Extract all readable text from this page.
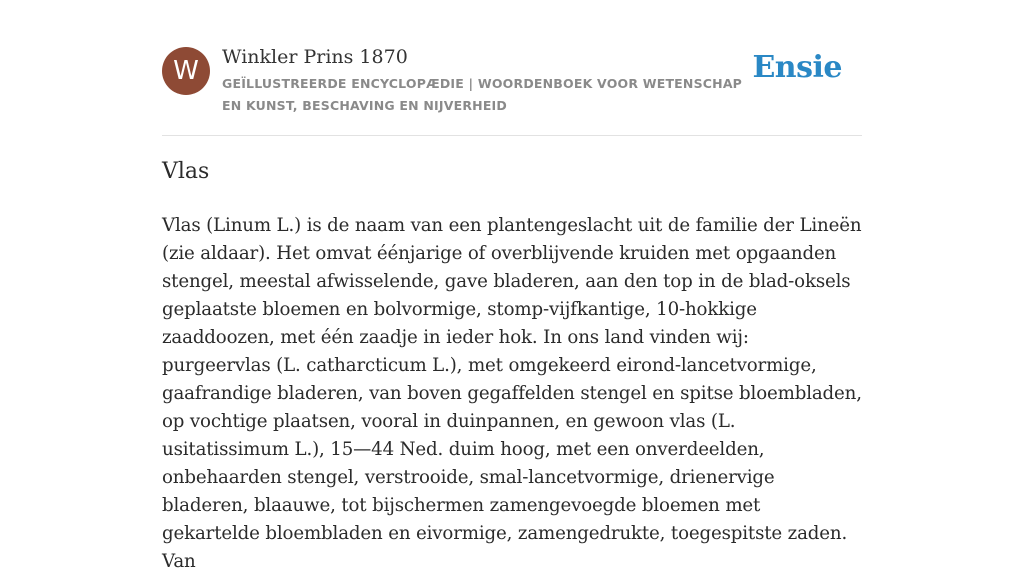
W	Winkler Prins 1870
GEÏLLUSTREERDE ENCYCLOPÆDIE | WOORDENBOEK VOOR WETENSCHAP EN KUNST, BESCHAVING EN NIJVERHEID
Ensie
Vlas

Vlas (Linum L.) is de naam van een plantengeslacht uit de familie der Lineën (zie aldaar). Het omvat éénjarige of overblijvende kruiden met opgaanden stengel, meestal afwisselende, gave bladeren, aan den top in de blad-oksels geplaatste bloemen en bolvormige, stomp-vijfkantige, 10-hokkige zaaddoozen, met één zaadje in ieder hok. In ons land vinden wij: purgeervlas (L. catharcticum L.), met omgekeerd eirond-lancetvormige, gaafrandige bladeren, van boven gegaffelden stengel en spitse bloembladen, op vochtige plaatsen, vooral in duinpannen, en gewoon vlas (L. usitatissimum L.), 15—44 Ned. duim hoog, met een onverdeelden, onbehaarden stengel, verstrooide, smal-lancetvormige, drienervige bladeren, blaauwe, tot bijschermen zamengevoegde bloemen met gekartelde bloembladen en eivormige, zamengedrukte, toegespitste zaden. Van
